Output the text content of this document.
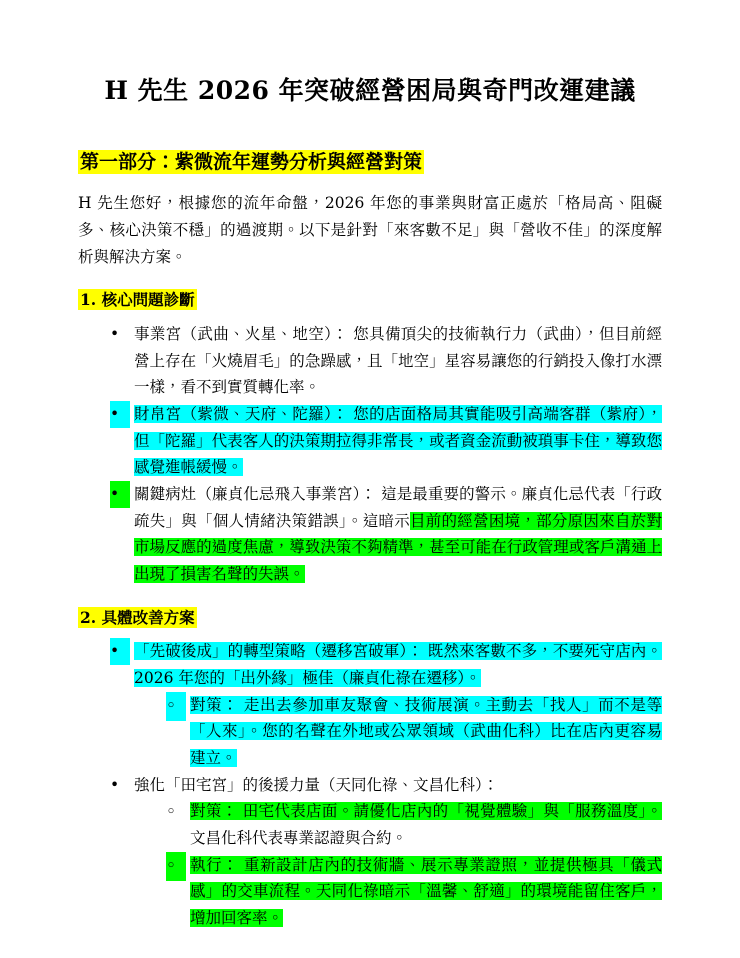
H 先生 2026 年突破經營困局與奇門改運建議
第一部分：紫微流年運勢分析與經營對策

H 先生您好，根據您的流年命盤，2026 年您的事業與財富正處於「格局高、阻礙多、核心決策不穩」的過渡期。以下是針對「來客數不足」與「營收不佳」的深度解析與解決方案。

1. 核心問題診斷
•
事業宮（武曲、火星、地空）： 您具備頂尖的技術執行力（武曲），但目前經營上存在「火燒眉毛」的急躁感，且「地空」星容易讓您的行銷投入像打水漂一樣，看不到實質轉化率。
•
財帛宮（紫微、天府、陀羅）： 您的店面格局其實能吸引高端客群（紫府），但「陀羅」代表客人的決策期拉得非常長，或者資金流動被瑣事卡住，導致您感覺進帳緩慢。
•
關鍵病灶（廉貞化忌飛入事業宮）： 這是最重要的警示。廉貞化忌代表「行政疏失」與「個人情緒決策錯誤」。這暗示目前的經營困境，部分原因來自於對市場反應的過度焦慮，導致決策不夠精準，甚至可能在行政管理或客戶溝通上出現了損害名聲的失誤。
2. 具體改善方案
•
「先破後成」的轉型策略（遷移宮破軍）： 既然來客數不多，不要死守店內。2026 年您的「出外緣」極佳（廉貞化祿在遷移）。
◦
對策： 走出去參加車友聚會、技術展演。主動去「找人」而不是等「人來」。您的名聲在外地或公眾領域（武曲化科）比在店內更容易建立。
•
強化「田宅宮」的後援力量（天同化祿、文昌化科）：
◦
對策： 田宅代表店面。請優化店內的「視覺體驗」與「服務溫度」。文昌化科代表專業認證與合約。
◦
執行： 重新設計店內的技術牆、展示專業證照，並提供極具「儀式感」的交車流程。天同化祿暗示「溫馨、舒適」的環境能留住客戶，增加回客率。
